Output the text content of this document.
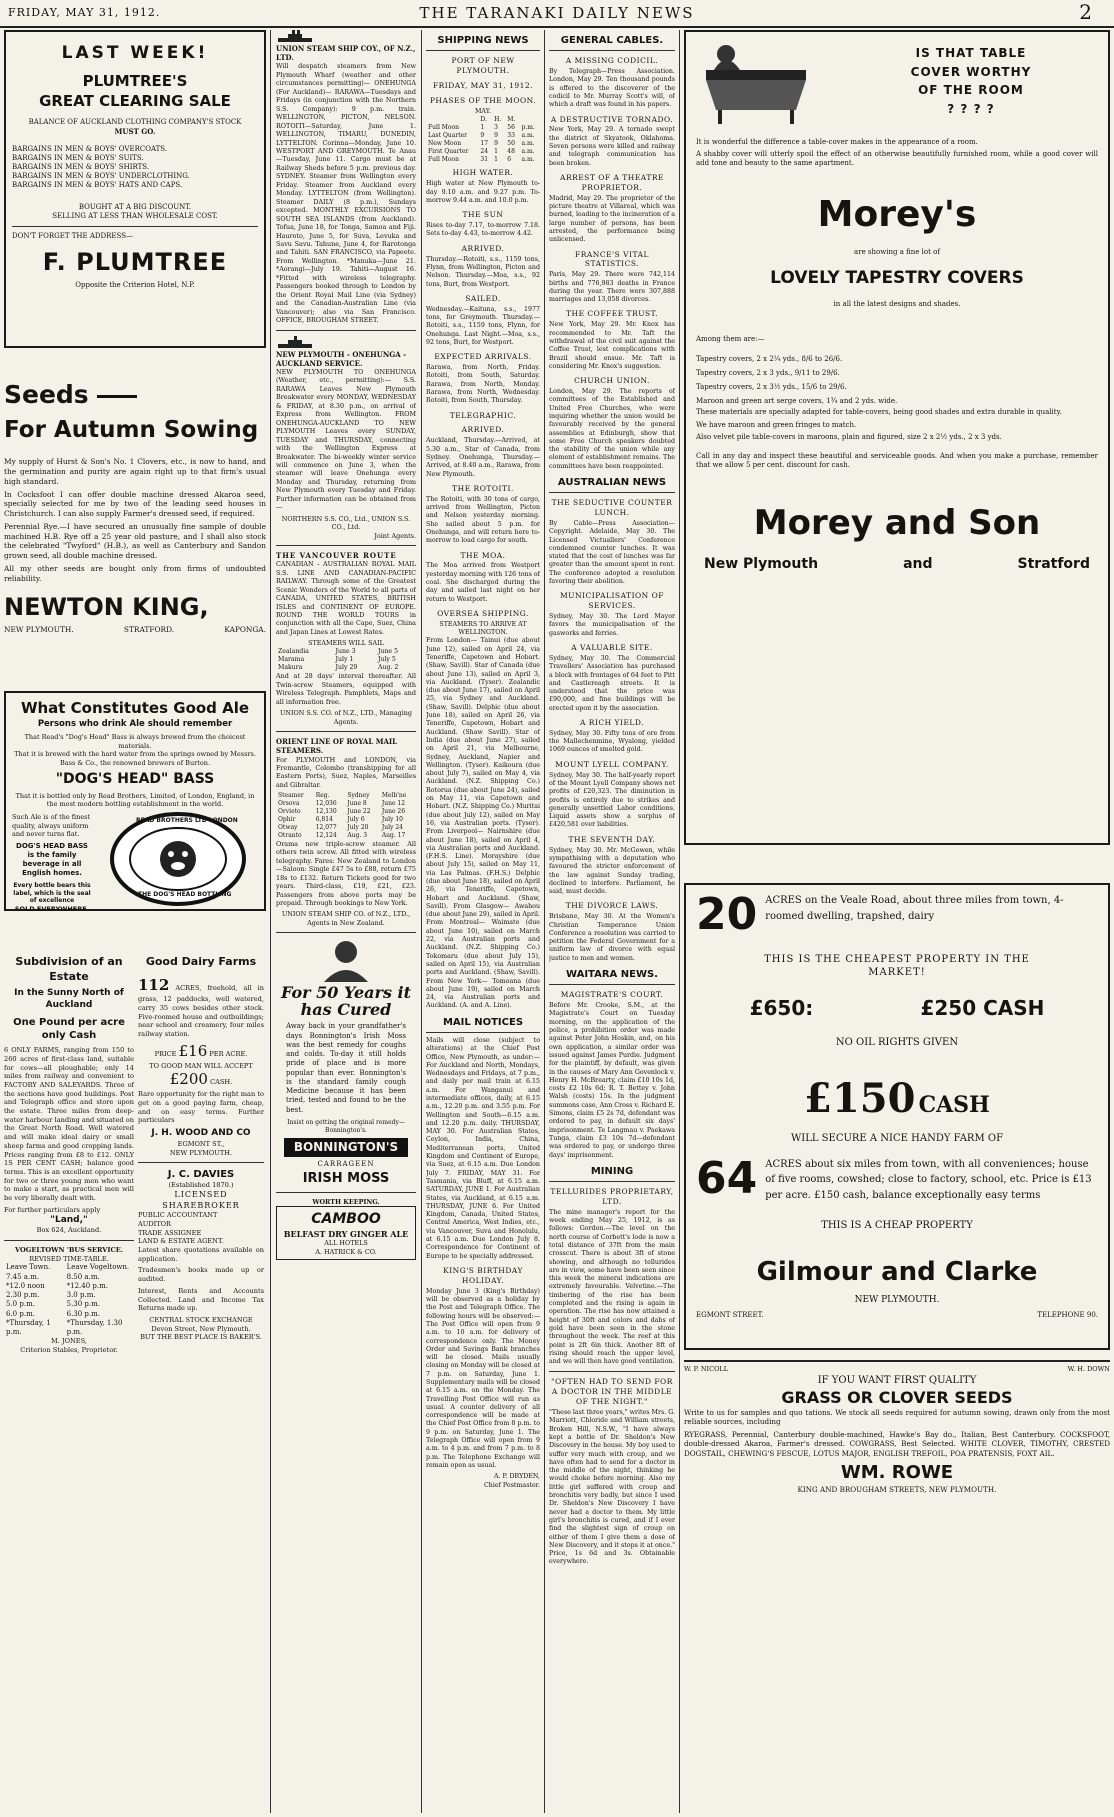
FRIDAY, MAY 31, 1912.	THE TARANAKI DAILY NEWS	2
LAST WEEK!
PLUMTREE'S
GREAT CLEARING SALE
BALANCE OF AUCKLAND CLOTHING COMPANY'S STOCK
MUST GO.
BARGAINS IN MEN & BOYS' OVERCOATS.
BARGAINS IN MEN & BOYS' SUITS.
BARGAINS IN MEN & BOYS' SHIRTS.
BARGAINS IN MEN & BOYS' UNDERCLOTHING.
BARGAINS IN MEN & BOYS' HATS AND CAPS.
BOUGHT AT A BIG DISCOUNT.
SELLING AT LESS THAN WHOLESALE COST.
DON'T FORGET THE ADDRESS—
F. PLUMTREE
Opposite the Criterion Hotel, N.P.
Seeds
For Autumn Sowing

My supply of Hurst & Son's No. 1 Clovers, etc., is now to hand, and the germination and purity are again right up to that firm's usual high standard.

In Cocksfoot I can offer double machine dressed Akaroa seed, specially selected for me by two of the leading seed houses in Christchurch. I can also supply Farmer's dressed seed, if required.

Perennial Rye.—I have secured an unusually fine sample of double machined H.B. Rye off a 25 year old pasture, and I shall also stock the celebrated "Twyford" (H.B.), as well as Canterbury and Sandon grown seed, all double machine dressed.

All my other seeds are bought only from firms of undoubted reliability.

NEWTON KING,
NEW PLYMOUTH.	STRATFORD.	KAPONGA.
What Constitutes Good Ale
Persons who drink Ale should remember
That Read's "Dog's Head" Bass is always brewed from the choicest materials.
That it is brewed with the hard water from the springs owned by Messrs. Bass & Co., the renowned brewers of Burton.
"DOG'S HEAD" BASS
That it is bottled only by Read Brothers, Limited, of London, England, in the most modern bottling establishment in the world.
Such Ale is of the finest quality, always uniform and never turns flat.
DOG'S HEAD BASS is the family beverage in all English homes.
Every bottle bears this label, which is the seal of excellence
SOLD EVERYWHERE.
READ BROTHERS LTD LONDON
THE DOG'S HEAD BOTTLING
Subdivision of an Estate
In the Sunny North of Auckland
One Pound per acre only Cash

6 ONLY FARMS, ranging from 150 to 260 acres of first-class land, suitable for cows—all ploughable; only 14 miles from railway and convenient to FACTORY AND SALEYARDS. Three of the sections have good buildings. Post and Telegraph office and store upon the estate. Three miles from deep-water harbour landing and situated on the Great North Road. Well watered and will make ideal dairy or small sheep farms and good cropping lands. Prices ranging from £8 to £12. ONLY 1S PER CENT CASH; balance good terms. This is an excellent opportunity for two or three young men who want to make a start, as practical men will be very liberally dealt with.

For further particulars apply
"Land,"
Box 624, Auckland.
VOGELTOWN 'BUS SERVICE.
REVISED TIME-TABLE.
Leave Town.	Leave Vogeltown.
7.45 a.m.	8.50 a.m.
*12.0 noon	*12.40 p.m.
2.30 p.m.	3.0 p.m.
5.0 p.m.	5.30 p.m.
6.0 p.m.	6.30 p.m.
*Thursday, 1 p.m.	*Thursday, 1.30 p.m.
M. JONES,
Criterion Stables, Proprietor.
Good Dairy Farms

112 ACRES, freehold, all in grass, 12 paddocks, well watered, carry 35 cows besides other stock. Five-roomed house and outbuildings; near school and creamery, four miles railway station.

PRICE £16 PER ACRE.
TO GOOD MAN WILL ACCEPT
£200 CASH.

Rare opportunity for the right man to get on a good paying farm, cheap, and on easy terms. Further particulars

J. H. WOOD AND CO
EGMONT ST.,
NEW PLYMOUTH.
J. C. DAVIES
(Established 1870.)
LICENSED SHAREBROKER
PUBLIC ACCOUNTANT
AUDITOR
TRADE ASSIGNEE
LAND & ESTATE AGENT.

Latest share quotations available on application.

Tradesmen's books made up or audited.

Interest, Rents and Accounts Collected. Land and Income Tax Returns made up.

CENTRAL STOCK EXCHANGE
Devon Street, New Plymouth.
BUT THE BEST PLACE IS BAKER'S.
UNION STEAM SHIP COY., OF N.Z., LTD.

Will despatch steamers from New Plymouth Wharf (weather and other circumstances permitting)— ONEHUNGA (For Auckland)— RARAWA—Tuesdays and Fridays (in conjunction with the Northern S.S. Company): 9 p.m. train. WELLINGTON, PICTON, NELSON. ROTOITI—Saturday, June 1. WELLINGTON, TIMARU, DUNEDIN, LYTTELTON. Corinna—Monday, June 10. WESTPORT AND GREYMOUTH. Te Anau—Tuesday, June 11. Cargo must be at Railway Sheds before 5 p.m. previous day. SYDNEY. Steamer from Wellington every Friday. Steamer from Auckland every Monday. LYTTELTON (from Wellington). Steamer DAILY (8 p.m.), Sundays excepted. MONTHLY EXCURSIONS TO SOUTH SEA ISLANDS (from Auckland). Tofua, June 18, for Tonga, Samoa and Fiji. Hauroto, June 5, for Suva, Levuka and Savu Savu. Tahune, June 4, for Rarotonga and Tahiti. SAN FRANCISCO, via Papeete. From Wellington. *Manuka—June 21. *Aorangi—July 19. Tahiti—August 16. *Fitted with wireless telegraphy. Passengers booked through to London by the Orient Royal Mail Line (via Sydney) and the Canadian-Australian Line (via Vancouver); also via San Francisco. OFFICE, BROUGHAM STREET.

NEW PLYMOUTH - ONEHUNGA - AUCKLAND SERVICE.

NEW PLYMOUTH TO ONEHUNGA (Weather, etc., permitting):— S.S. RARAWA Leaves New Plymouth Breakwater every MONDAY, WEDNESDAY & FRIDAY, at 8.30 p.m., on arrival of Express from Wellington. FROM ONEHUNGA-AUCKLAND TO NEW PLYMOUTH Leaves every SUNDAY, TUESDAY and THURSDAY, connecting with the Wellington Express at Breakwater. The bi-weekly winter service will commence on June 3, when the steamer will leave Onehunga every Monday and Thursday, returning from New Plymouth every Tuesday and Friday. Further information can be obtained from—

NORTHERN S.S. CO., Ltd., UNION S.S. CO., Ltd.
Joint Agents.
THE VANCOUVER ROUTE

CANADIAN - AUSTRALIAN ROYAL MAIL S.S. LINE AND CANADIAN-PACIFIC RAILWAY. Through some of the Greatest Scenic Wonders of the World to all parts of CANADA, UNITED STATES, BRITISH ISLES and CONTINENT OF EUROPE. ROUND THE WORLD TOURS in conjunction with all the Cape, Suez, China and Japan Lines at Lowest Rates.

STEAMERS WILL SAIL
Zealandia	June 3	June 5
Marama	July 1	July 5
Makura	July 29	Aug. 2

And at 28 days' interval thereafter. All Twin-screw Steamers, equipped with Wireless Telegraph. Pamphlets, Maps and all information free.

UNION S.S. CO. of N.Z., LTD., Managing Agents.
ORIENT LINE OF ROYAL MAIL STEAMERS.

For PLYMOUTH and LONDON, via Fremantle, Colombo (transhipping for all Eastern Ports), Suez, Naples, Marseilles and Gibraltar.

Steamer	Reg.	Sydney	Melb'ne
Orsova	12,036	June 8	June 12
Orvieto	12,130	June 22	June 26
Ophir	6,814	July 6	July 10
Otway	12,077	July 20	July 24
Otranto	12,124	Aug. 3	Aug. 17

Orama new triple-screw steamer. All others twin screw. All fitted with wireless telegraphy. Fares: New Zealand to London—Saloon: Single £47 5s to £88, return £75 18s to £132. Return Tickets good for two years. Third-class, £19, £21, £23. Passengers from above ports may be prepaid. Through bookings to New York.

UNION STEAM SHIP CO. of N.Z., LTD., Agents in New Zealand.
For 50 Years it has Cured

Away back in your grandfather's days Bonnington's Irish Moss was the best remedy for coughs and colds. To-day it still holds pride of place and is more popular than ever. Bonnington's is the standard family cough Medicine because it has been tried, tested and found to be the best.

Insist on getting the original remedy—Bonnington's.
BONNINGTON'S
CARRAGEEN
IRISH MOSS
WORTH KEEPING.
CAMBOO
BELFAST DRY GINGER ALE
ALL HOTELS
A. HATRICK & CO.
SHIPPING NEWS
PORT OF NEW PLYMOUTH.
FRIDAY, MAY 31, 1912.
PHASES OF THE MOON.
MAY.
	D.	H.	M.	
Full Moon	1	3	56	p.m.
Last Quarter	9	9	33	a.m.
New Moon	17	9	50	a.m.
First Quarter	24	1	48	a.m.
Full Moon	31	1	6	a.m.
HIGH WATER.

High water at New Plymouth to-day 9.10 a.m. and 9.27 p.m. To-morrow 9.44 a.m. and 10.0 p.m.

THE SUN

Rises to-day 7.17, to-morrow 7.18. Sets to-day 4.43, to-morrow 4.42.

ARRIVED.

Thursday.—Rotoiti, s.s., 1159 tons, Flynn, from Wellington, Picton and Nelson. Thursday.—Moa, s.s., 92 tons, Burt, from Westport.

SAILED.

Wednesday.—Kaituna, s.s., 1977 tons, for Greymouth. Thursday.—Rotoiti, s.s., 1159 tons, Flynn, for Onehunga. Last Night.—Moa, s.s., 92 tons, Burt, for Westport.

EXPECTED ARRIVALS.

Rarawa, from North, Friday. Rotoiti, from South, Saturday. Rarawa, from North, Monday. Rarawa, from North, Wednesday. Rotoiti, from South, Thursday.

TELEGRAPHIC.
ARRIVED.

Auckland, Thursday.—Arrived, at 5.30 a.m., Star of Canada, from Sydney. Onehunga, Thursday.—Arrived, at 8.40 a.m., Rarawa, from New Plymouth.

THE ROTOITI.

The Rotoiti, with 30 tons of cargo, arrived from Wellington, Picton and Nelson yesterday morning. She sailed about 5 p.m. for Onehunga, and will return here to-morrow to load cargo for south.

THE MOA.

The Moa arrived from Westport yesterday morning with 126 tons of coal. She discharged during the day and sailed last night on her return to Westport.

OVERSEA SHIPPING.
STEAMERS TO ARRIVE AT WELLINGTON.

From London— Tainui (due about June 12), sailed on April 24, via Teneriffe, Capetown and Hobart. (Shaw, Savill). Star of Canada (due about June 13), sailed on April 3, via Auckland. (Tyser). Zealandic (due about June 17), sailed on April 25, via Sydney and Auckland. (Shaw, Savill). Delphic (due about June 18), sailed on April 26, via Teneriffe, Capetown, Hobart and Auckland. (Shaw Savill). Star of India (due about June 27), sailed on April 21, via Melbourne, Sydney, Auckland, Napier and Wellington. (Tyser). Kaikoura (due about July 7), sailed on May 4, via Auckland. (N.Z. Shipping Co.) Rotorua (due about June 24), sailed on May 11, via Capetown and Hobart. (N.Z. Shipping Co.) Muritai (due about July 12), sailed on May 16, via Australian ports. (Tyser). From Liverpool— Nairnshire (due about June 18), sailed on April 4, via Australian ports and Auckland. (F.H.S. Line). Morayshire (due about July 15), sailed on May 11, via Las Palmas. (F.H.S.) Delphic (due about June 18), sailed on April 26, via Teneriffe, Capetown, Hobart and Auckland. (Shaw, Savill). From Glasgow— Awahou (due about June 29), sailed in April. From Montreal— Waimate (due about June 10), sailed on March 22, via Australian ports and Auckland. (N.Z. Shipping Co.) Tokomaru (due about July 15), sailed on April 15), via Australian ports and Auckland. (Shaw, Savill). From New York— Tomoana (due about June 19), sailed on March 24, via Australian ports and Auckland. (A. and A. Line).

MAIL NOTICES

Mails will close (subject to alterations) at the Chief Post Office, New Plymouth, as under:— For Auckland and North, Mondays, Wednesdays and Fridays, at 7 p.m., and daily per mail train at 6.15 a.m. For Wanganui and intermediate offices, daily, at 6.15 a.m., 12.20 p.m. and 3.55 p.m. For Wellington and South—6.15 a.m. and 12.20 p.m. daily. THURSDAY, MAY 30. For Australian States, Ceylon, India, China, Mediterranean ports, United Kingdom and Continent of Europe, via Suez, at 6.15 a.m. Due London July 7. FRIDAY, MAY 31. For Tasmania, via Bluff, at 6.15 a.m. SATURDAY, JUNE 1. For Australian States, via Auckland, at 6.15 a.m. THURSDAY, JUNE 6. For United Kingdom, Canada, United States, Central America, West Indies, etc., via Vancouver, Suva and Honolulu, at 6.15 a.m. Due London July 8. Correspondence for Continent of Europe to be specially addressed.

KING'S BIRTHDAY HOLIDAY.

Monday June 3 (King's Birthday) will be observed as a holiday by the Post and Telegraph Office. The following hours will be observed:— The Post Office will open from 9 a.m. to 10 a.m. for delivery of correspondence only. The Money Order and Savings Bank branches will be closed. Mails usually closing on Monday will be closed at 7 p.m. on Saturday, June 1. Supplementary mails will be closed at 6.15 a.m. on the Monday. The Travelling Post Office will run as usual. A counter delivery of all correspondence will be made at the Chief Post Office from 8 p.m. to 9 p.m. on Saturday, June 1. The Telegraph Office will open from 9 a.m. to 4 p.m. and from 7 p.m. to 8 p.m. The Telephone Exchange will remain open as usual.

A. P. DRYDEN,
Chief Postmaster.
GENERAL CABLES.
A MISSING CODICIL.

By Telegraph—Press Association. London, May 29. Ten thousand pounds is offered to the discoverer of the codicil to Mr. Murray Scott's will, of which a draft was found in his papers.

A DESTRUCTIVE TORNADO.

New York, May 29. A tornado swept the district of Skyatook, Oklahoma. Seven persons were killed and railway and telegraph communication has been broken.

ARREST OF A THEATRE PROPRIETOR.

Madrid, May 29. The proprietor of the picture theatre at Villareal, which was burned, leading to the incineration of a large number of persons, has been arrested, the performance being unlicensed.

FRANCE'S VITAL STATISTICS.

Paris, May 29. There were 742,114 births and 776,983 deaths in France during the year. There were 307,888 marriages and 13,058 divorces.

THE COFFEE TRUST.

New York, May 29. Mr. Knox has recommended to Mr. Taft the withdrawal of the civil suit against the Coffee Trust, lest complications with Brazil should ensue. Mr. Taft is considering Mr. Knox's suggestion.

CHURCH UNION.

London, May 29. The reports of committees of the Established and United Free Churches, who were inquiring whether the union would be favourably received by the general assemblies at Edinburgh, show that some Free Church speakers doubted the stability of the union while any element of establishment remains. The committees have been reappointed.

AUSTRALIAN NEWS
THE SEDUCTIVE COUNTER LUNCH.

By Cable—Press Association—Copyright. Adelaide, May 30. The Licensed Victuallers' Conference condemned counter lunches. It was stated that the cost of lunches was far greater than the amount spent in rent. The conference adopted a resolution favoring their abolition.

MUNICIPALISATION OF SERVICES.

Sydney, May 30. The Lord Mayor favors the municipalisation of the gasworks and ferries.

A VALUABLE SITE.

Sydney, May 30. The Commercial Travellers' Association has purchased a block with frontages of 64 feet to Pitt and Castlereagh streets. It is understood that the price was £90,000, and fine buildings will be erected upon it by the association.

A RICH YIELD.

Sydney, May 30. Fifty tons of ore from the Mallechenmine, Wyalong, yielded 1069 ounces of smelted gold.

MOUNT LYELL COMPANY.

Sydney, May 30. The half-yearly report of the Mount Lyell Company shows net profits of £20,323. The diminution in profits is entirely due to strikes and generally unsettled Labor conditions. Liquid assets show a surplus of £420,581 over liabilities.

THE SEVENTH DAY.

Sydney, May 30. Mr. McGowen, while sympathising with a deputation who favoured the stricter enforcement of the law against Sunday trading, declined to interfere. Parliament, he said, must decide.

THE DIVORCE LAWS.

Brisbane, May 30. At the Women's Christian Temperance Union Conference a resolution was carried to petition the Federal Government for a uniform law of divorce with equal justice to men and women.

WAITARA NEWS.
MAGISTRATE'S COURT.

Before Mr. Crooke, S.M., at the Magistrate's Court on Tuesday morning, on the application of the police, a prohibition order was made against Peter John Hoskin, and, on his own application, a similar order was issued against James Purdie. Judgment for the plaintiff, by default, was given in the causes of Mary Ann Govenlock v. Henry H. McBrearty, claim £10 10s 1d, costs £2 10s 6d; R. T. Bettey v. John Walsh (costs) 15s. In the judgment summons case, Ann Cross v. Richard E. Simons, claim £5 2s 7d, defendant was ordered to pay, in default six days' imprisonment. Te Langmau v. Paekawa Tunga, claim £3 10s 7d—defendant was ordered to pay, or undergo three days' imprisonment.

MINING
TELLURIDES PROPRIETARY, LTD.

The mine manager's report for the week ending May 25, 1912, is as follows: Gordon.—The level on the north course of Corbett's lode is now a total distance of 37ft from the main crosscut. There is about 3ft of stone showing, and although no tellurides are in view, some have been seen since this week the mineral indications are extremely favourable. Velvetine.—The timbering of the rise has been completed and the rising is again in operation. The rise has now attained a height of 30ft and colors and dabs of gold have been seen in the stone throughout the week. The reef at this point is 2ft 6in thick. Another 8ft of rising should reach the upper level, and we will then have good ventilation.

"OFTEN HAD TO SEND FOR A DOCTOR IN THE MIDDLE OF THE NIGHT."

"These last three years," writes Mrs. G. Marriott, Chloride and William streets, Broken Hill, N.S.W., "I have always kept a bottle of Dr. Sheldon's New Discovery in the house. My boy used to suffer very much with croup, and we have often had to send for a doctor in the middle of the night, thinking he would choke before morning. Also my little girl suffered with croup and bronchitis very badly, but since I used Dr. Sheldon's New Discovery I have never had a doctor to them. My little girl's bronchitis is cured, and if I ever find the slightest sign of croup on either of them I give them a dose of New Discovery, and it stops it at once." Price, 1s 6d and 3s. Obtainable everywhere.

IS THAT TABLE
COVER WORTHY
OF THE ROOM
? ? ? ?

It is wonderful the difference a table-cover makes in the appearance of a room.

A shabby cover will utterly spoil the effect of an otherwise beautifully furnished room, while a good cover will add tone and beauty to the same apartment.

Morey's
are showing a fine lot of
LOVELY TAPESTRY COVERS
in all the latest designs and shades.
Among them are:—
Tapestry covers, 2 x 2¼ yds., 8/6 to 26/6.
Tapestry covers, 2 x 3 yds., 9/11 to 29/6.
Tapestry covers, 2 x 3½ yds., 15/6 to 29/6.
Maroon and green art serge covers, 1¾ and 2 yds. wide.

These materials are specially adapted for table-covers, being good shades and extra durable in quality.

We have maroon and green fringes to match.

Also velvet pile table-covers in maroons, plain and figured, size 2 x 2½ yds., 2 x 3 yds.

Call in any day and inspect these beautiful and serviceable goods. And when you make a purchase, remember that we allow 5 per cent. discount for cash.

Morey and Son
New Plymouth	and	Stratford
20 ACRES on the Veale Road, about three miles from town, 4-roomed dwelling, trapshed, dairy
THIS IS THE CHEAPEST PROPERTY IN THE MARKET!
£650:	£250 CASH
NO OIL RIGHTS GIVEN
£150 CASH
WILL SECURE A NICE HANDY FARM OF
64 ACRES about six miles from town, with all conveniences; house of five rooms, cowshed; close to factory, school, etc. Price is £13 per acre. £150 cash, balance exceptionally easy terms
THIS IS A CHEAP PROPERTY
Gilmour and Clarke
NEW PLYMOUTH.
EGMONT STREET.	TELEPHONE 90.
W. P. NICOLL	W. H. DOWN
IF YOU WANT FIRST QUALITY
GRASS OR CLOVER SEEDS

Write to us for samples and quo tations. We stock all seeds required for autumn sowing, drawn only from the most reliable sources, including

RYEGRASS, Perennial, Canterbury double-machined, Hawke's Bay do., Italian, Best Canterbury. COCKSFOOT, double-dressed Akaroa, Farmer's dressed. COWGRASS, Best Selected. WHITE CLOVER, TIMOTHY, CRESTED DOGSTAIL, CHEWING'S FESCUE, LOTUS MAJOR, ENGLISH TREFOIL, POA PRATENSIS, FOXT AIL.

WM. ROWE
KING AND BROUGHAM STREETS, NEW PLYMOUTH.
